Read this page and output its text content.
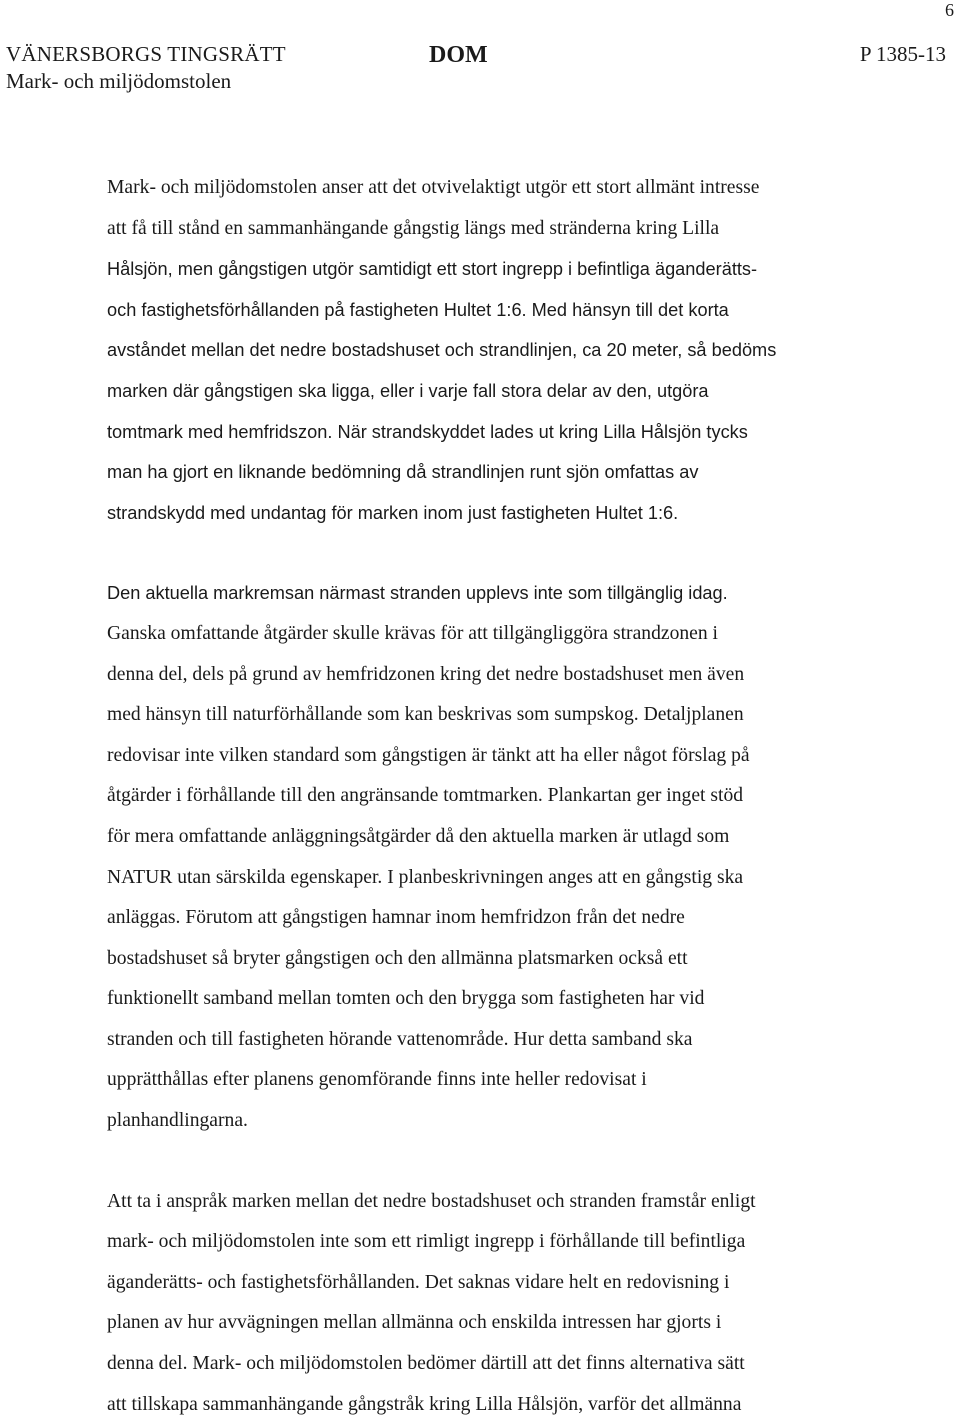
6
VÄNERSBORGS TINGSRÄTT
Mark- och miljödomstolen
DOM	P 1385-13

Mark- och miljödomstolen anser att det otvivelaktigt utgör ett stort allmänt intresse
att få till stånd en sammanhängande gångstig längs med stränderna kring Lilla
Hålsjön, men gångstigen utgör samtidigt ett stort ingrepp i befintliga äganderätts-
och fastighetsförhållanden på fastigheten Hultet 1:6. Med hänsyn till det korta
avståndet mellan det nedre bostadshuset och strandlinjen, ca 20 meter, så bedöms
marken där gångstigen ska ligga, eller i varje fall stora delar av den, utgöra
tomtmark med hemfridszon. När strandskyddet lades ut kring Lilla Hålsjön tycks
man ha gjort en liknande bedömning då strandlinjen runt sjön omfattas av
strandskydd med undantag för marken inom just fastigheten Hultet 1:6.

Den aktuella markremsan närmast stranden upplevs inte som tillgänglig idag.
Ganska omfattande åtgärder skulle krävas för att tillgängliggöra strandzonen i
denna del, dels på grund av hemfridzonen kring det nedre bostadshuset men även
med hänsyn till naturförhållande som kan beskrivas som sumpskog. Detaljplanen
redovisar inte vilken standard som gångstigen är tänkt att ha eller något förslag på
åtgärder i förhållande till den angränsande tomtmarken. Plankartan ger inget stöd
för mera omfattande anläggningsåtgärder då den aktuella marken är utlagd som
NATUR utan särskilda egenskaper. I planbeskrivningen anges att en gångstig ska
anläggas. Förutom att gångstigen hamnar inom hemfridzon från det nedre
bostadshuset så bryter gångstigen och den allmänna platsmarken också ett
funktionellt samband mellan tomten och den brygga som fastigheten har vid
stranden och till fastigheten hörande vattenområde. Hur detta samband ska
upprätthållas efter planens genomförande finns inte heller redovisat i
planhandlingarna.

Att ta i anspråk marken mellan det nedre bostadshuset och stranden framstår enligt
mark- och miljödomstolen inte som ett rimligt ingrepp i förhållande till befintliga
äganderätts- och fastighetsförhållanden. Det saknas vidare helt en redovisning i
planen av hur avvägningen mellan allmänna och enskilda intressen har gjorts i
denna del. Mark- och miljödomstolen bedömer därtill att det finns alternativa sätt
att tillskapa sammanhängande gångstråk kring Lilla Hålsjön, varför det allmänna
